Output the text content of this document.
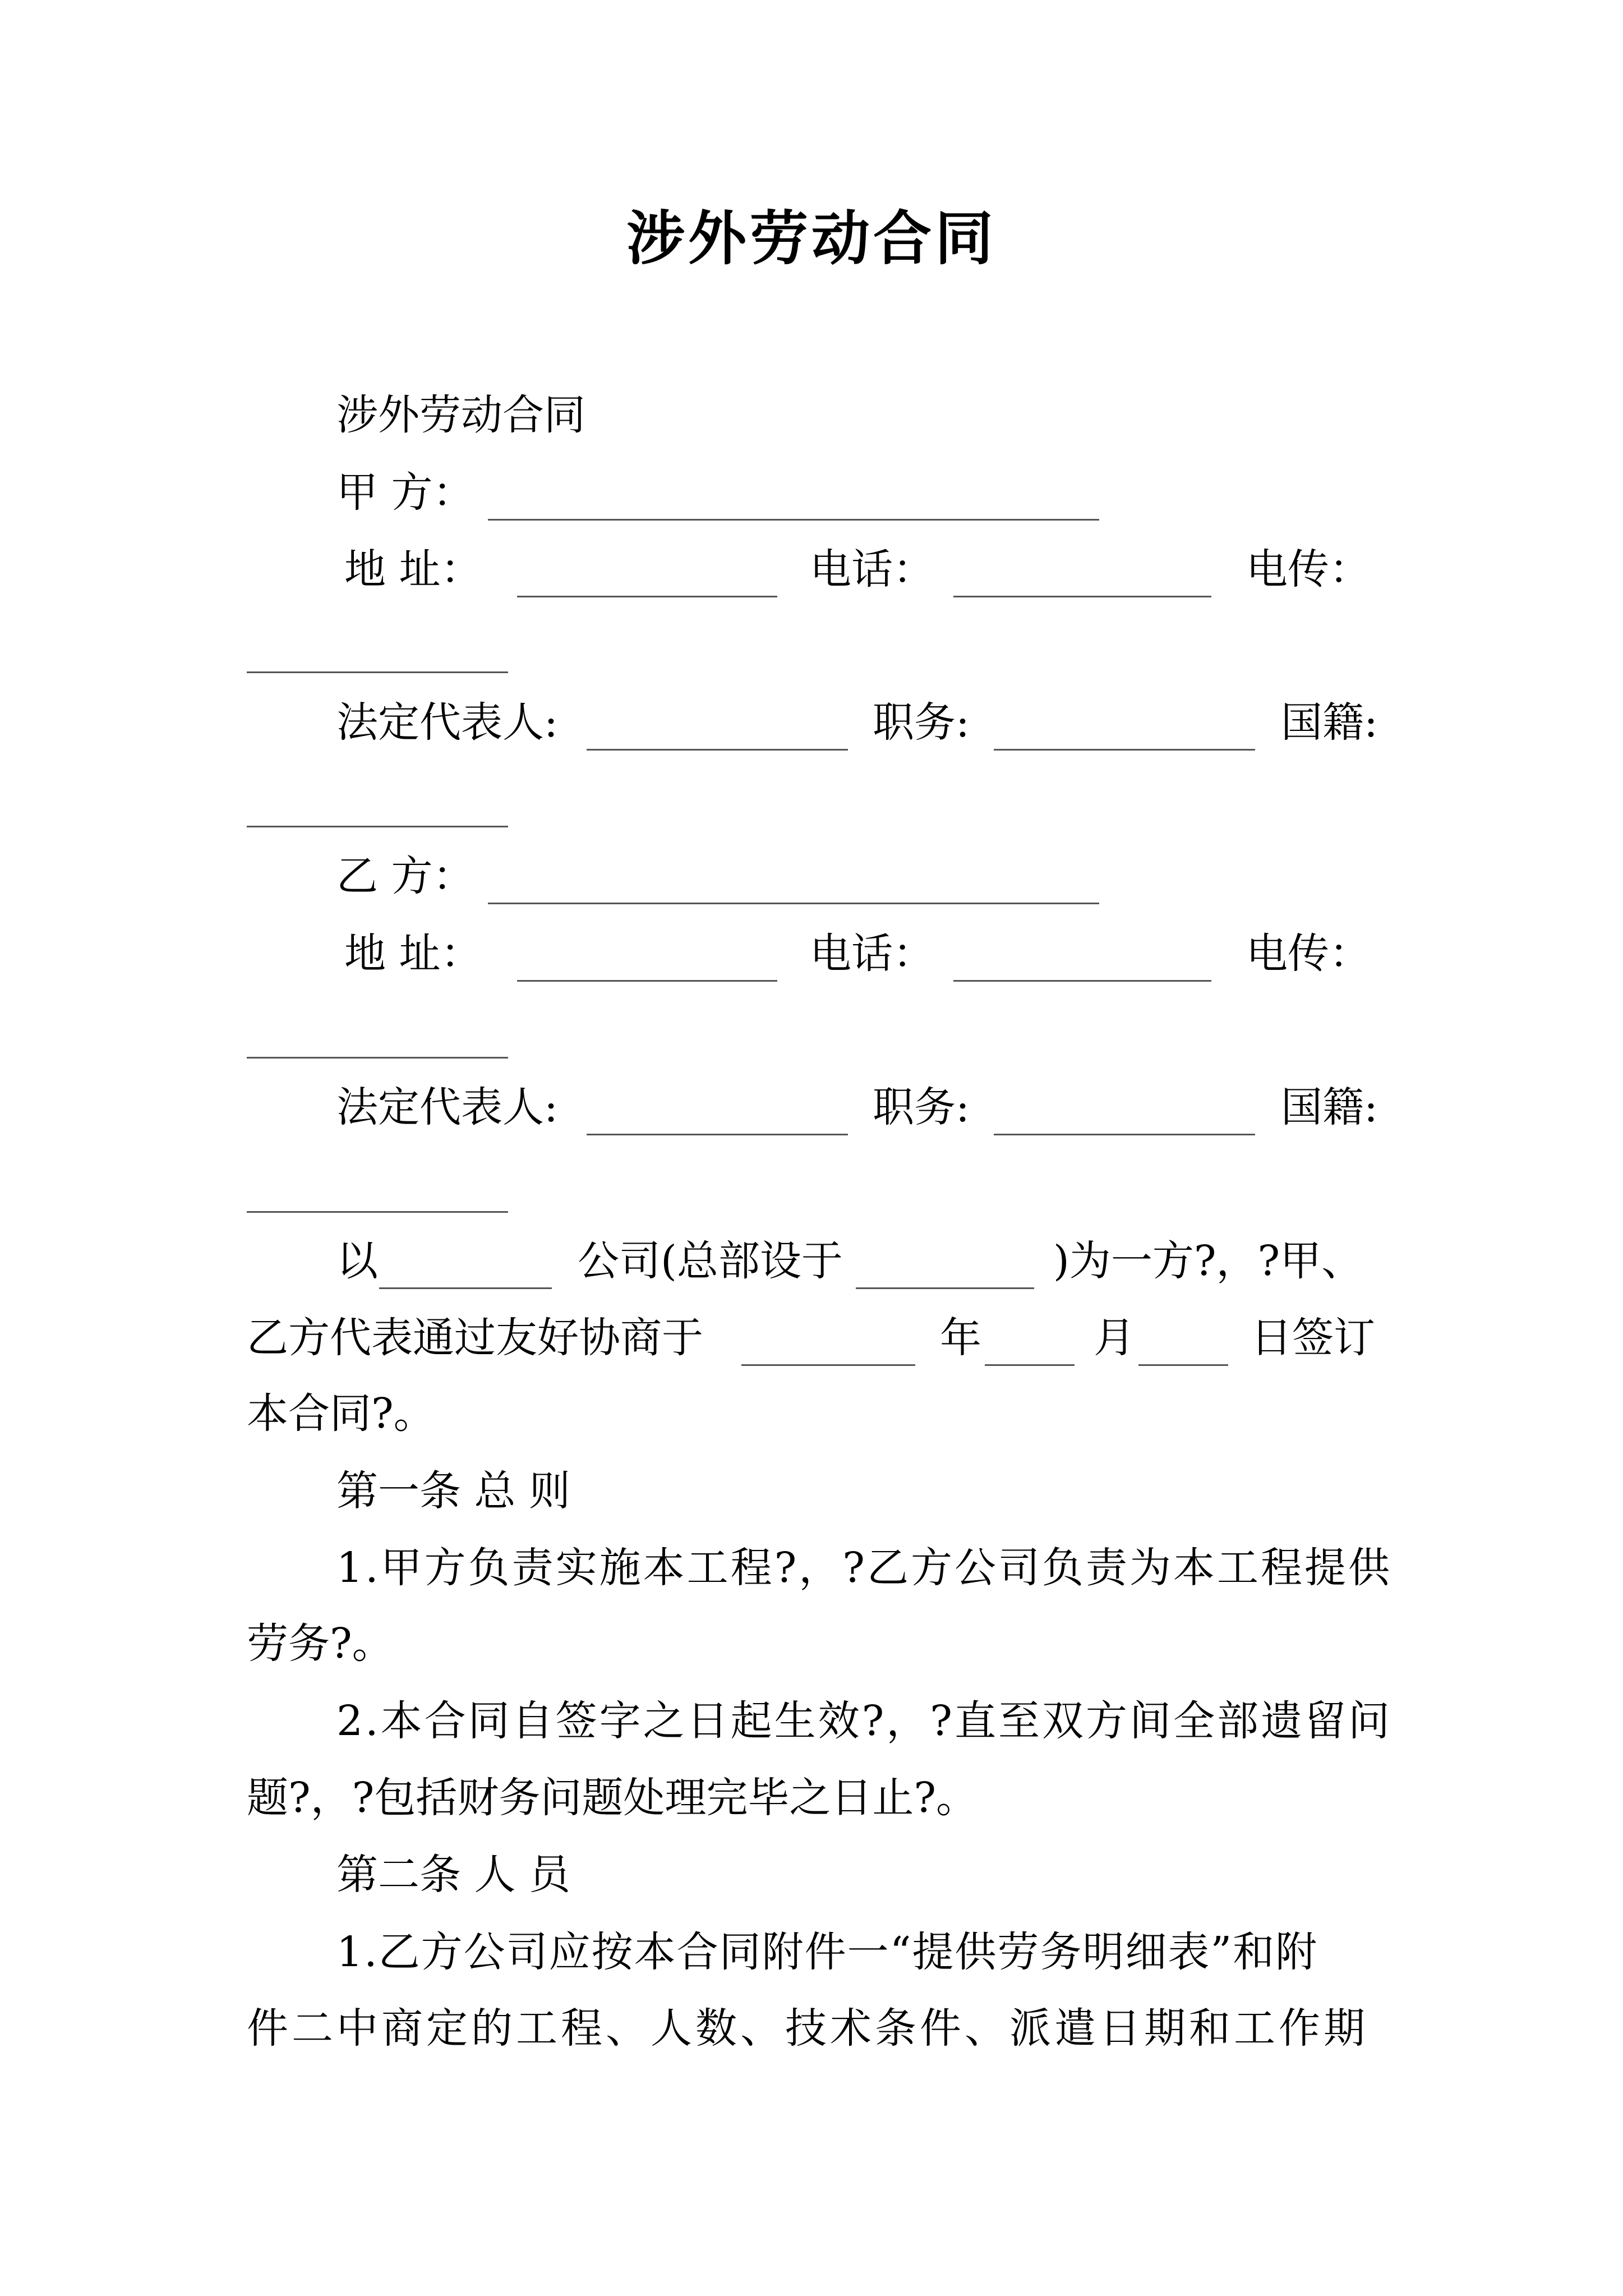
涉外劳动合同
涉外劳动合同
甲 方：
地 址：	电话：	电传：
法定代表人:	职务:	国籍:
乙 方：
地 址：	电话：	电传：
法定代表人:	职务:	国籍:
以	公司(总部设于	)为一方?，?甲、
乙方代表通过友好协商于	年	月	日签订
本合同?。
第一条 总 则
1.甲方负责实施本工程?，?乙方公司负责为本工程提供
劳务?。
2.本合同自签字之日起生效?，?直至双方间全部遗留问
题?，?包括财务问题处理完毕之日止?。
第二条 人 员
1.乙方公司应按本合同附件一“提供劳务明细表”和附
件二中商定的工程、人数、技术条件、派遣日期和工作期
